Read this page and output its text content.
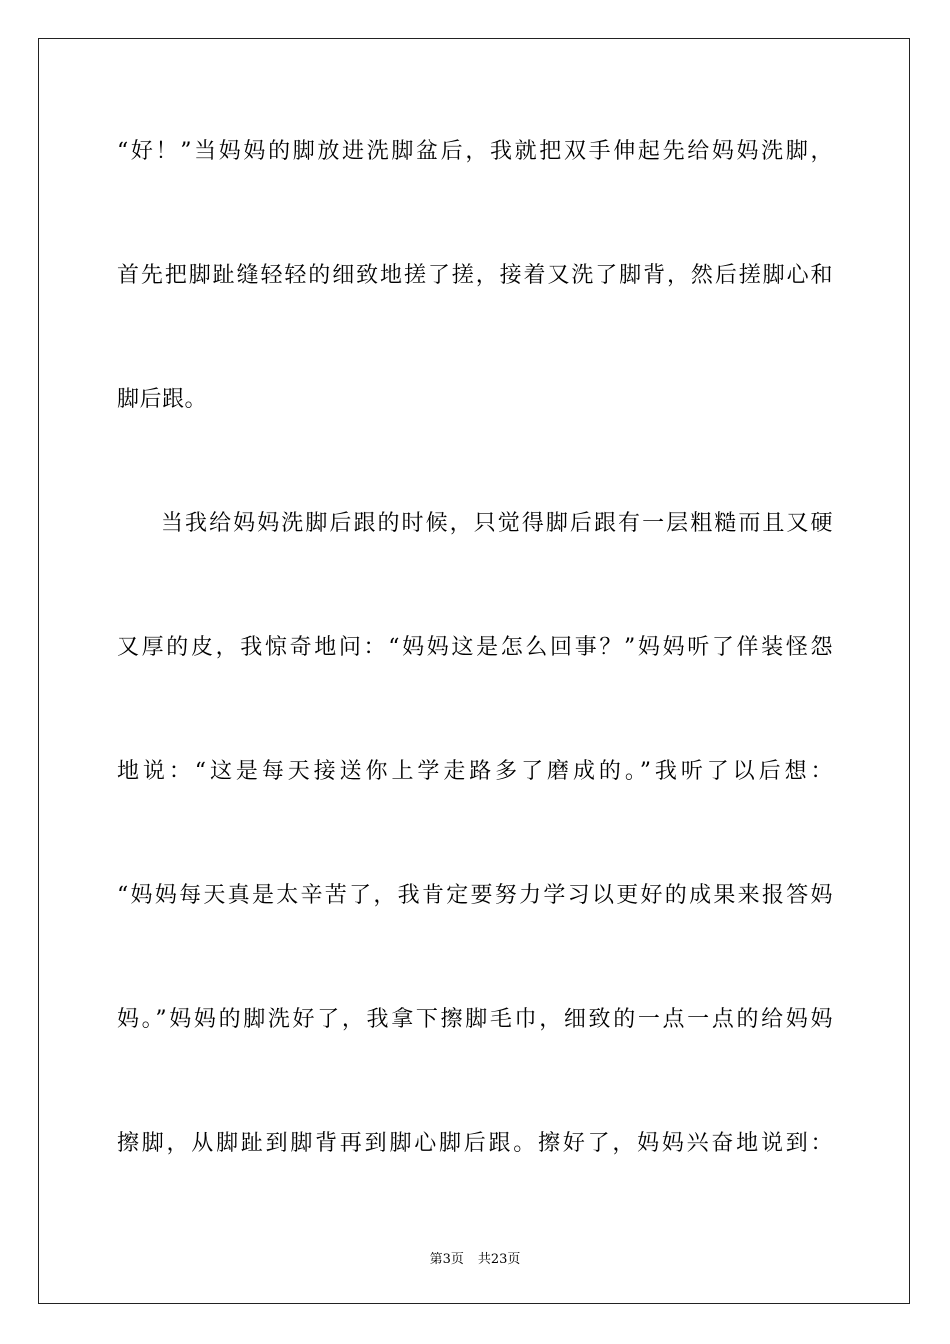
“好！”当妈妈的脚放进洗脚盆后，我就把双手伸起先给妈妈洗脚，
首先把脚趾缝轻轻的细致地搓了搓，接着又洗了脚背，然后搓脚心和
脚后跟。
当我给妈妈洗脚后跟的时候，只觉得脚后跟有一层粗糙而且又硬
又厚的皮，我惊奇地问：“妈妈这是怎么回事？”妈妈听了佯装怪怨
地说：“这是每天接送你上学走路多了磨成的。”我听了以后想：
“妈妈每天真是太辛苦了，我肯定要努力学习以更好的成果来报答妈
妈。”妈妈的脚洗好了，我拿下擦脚毛巾，细致的一点一点的给妈妈
擦脚，从脚趾到脚背再到脚心脚后跟。擦好了，妈妈兴奋地说到：
第3页 共23页
